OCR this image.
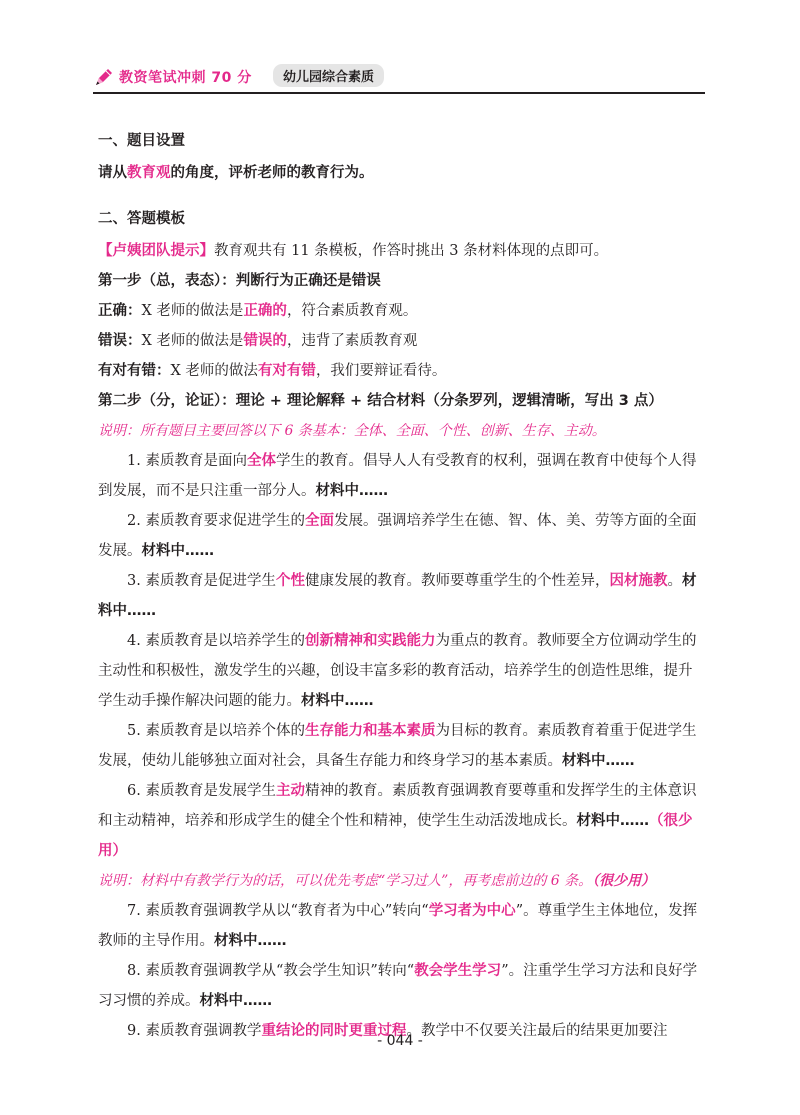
教资笔试冲刺 70 分	幼儿园综合素质
一、题目设置
请从教育观的角度，评析老师的教育行为。
二、答题模板
【卢姨团队提示】教育观共有 11 条模板，作答时挑出 3 条材料体现的点即可。
第一步（总，表态）：判断行为正确还是错误
正确：X 老师的做法是正确的，符合素质教育观。
错误：X 老师的做法是错误的，违背了素质教育观
有对有错：X 老师的做法有对有错，我们要辩证看待。
第二步（分，论证）：理论 + 理论解释 + 结合材料（分条罗列，逻辑清晰，写出 3 点）
说明：所有题目主要回答以下 6 条基本：全体、全面、个性、创新、生存、主动。

1. 素质教育是面向全体学生的教育。倡导人人有受教育的权利，强调在教育中使每个人得到发展，而不是只注重一部分人。材料中……

2. 素质教育要求促进学生的全面发展。强调培养学生在德、智、体、美、劳等方面的全面发展。材料中……

3. 素质教育是促进学生个性健康发展的教育。教师要尊重学生的个性差异，因材施教。材料中……

4. 素质教育是以培养学生的创新精神和实践能力为重点的教育。教师要全方位调动学生的主动性和积极性，激发学生的兴趣，创设丰富多彩的教育活动，培养学生的创造性思维，提升学生动手操作解决问题的能力。材料中……

5. 素质教育是以培养个体的生存能力和基本素质为目标的教育。素质教育着重于促进学生发展，使幼儿能够独立面对社会，具备生存能力和终身学习的基本素质。材料中……

6. 素质教育是发展学生主动精神的教育。素质教育强调教育要尊重和发挥学生的主体意识和主动精神，培养和形成学生的健全个性和精神，使学生生动活泼地成长。材料中……（很少用）

说明：材料中有教学行为的话，可以优先考虑“学习过人”，再考虑前边的 6 条。（很少用）

7. 素质教育强调教学从以“教育者为中心”转向“学习者为中心”。尊重学生主体地位，发挥教师的主导作用。材料中……

8. 素质教育强调教学从“教会学生知识”转向“教会学生学习”。注重学生学习方法和良好学习习惯的养成。材料中……

9. 素质教育强调教学重结论的同时更重过程。教学中不仅要关注最后的结果更加要注

- 044 -
